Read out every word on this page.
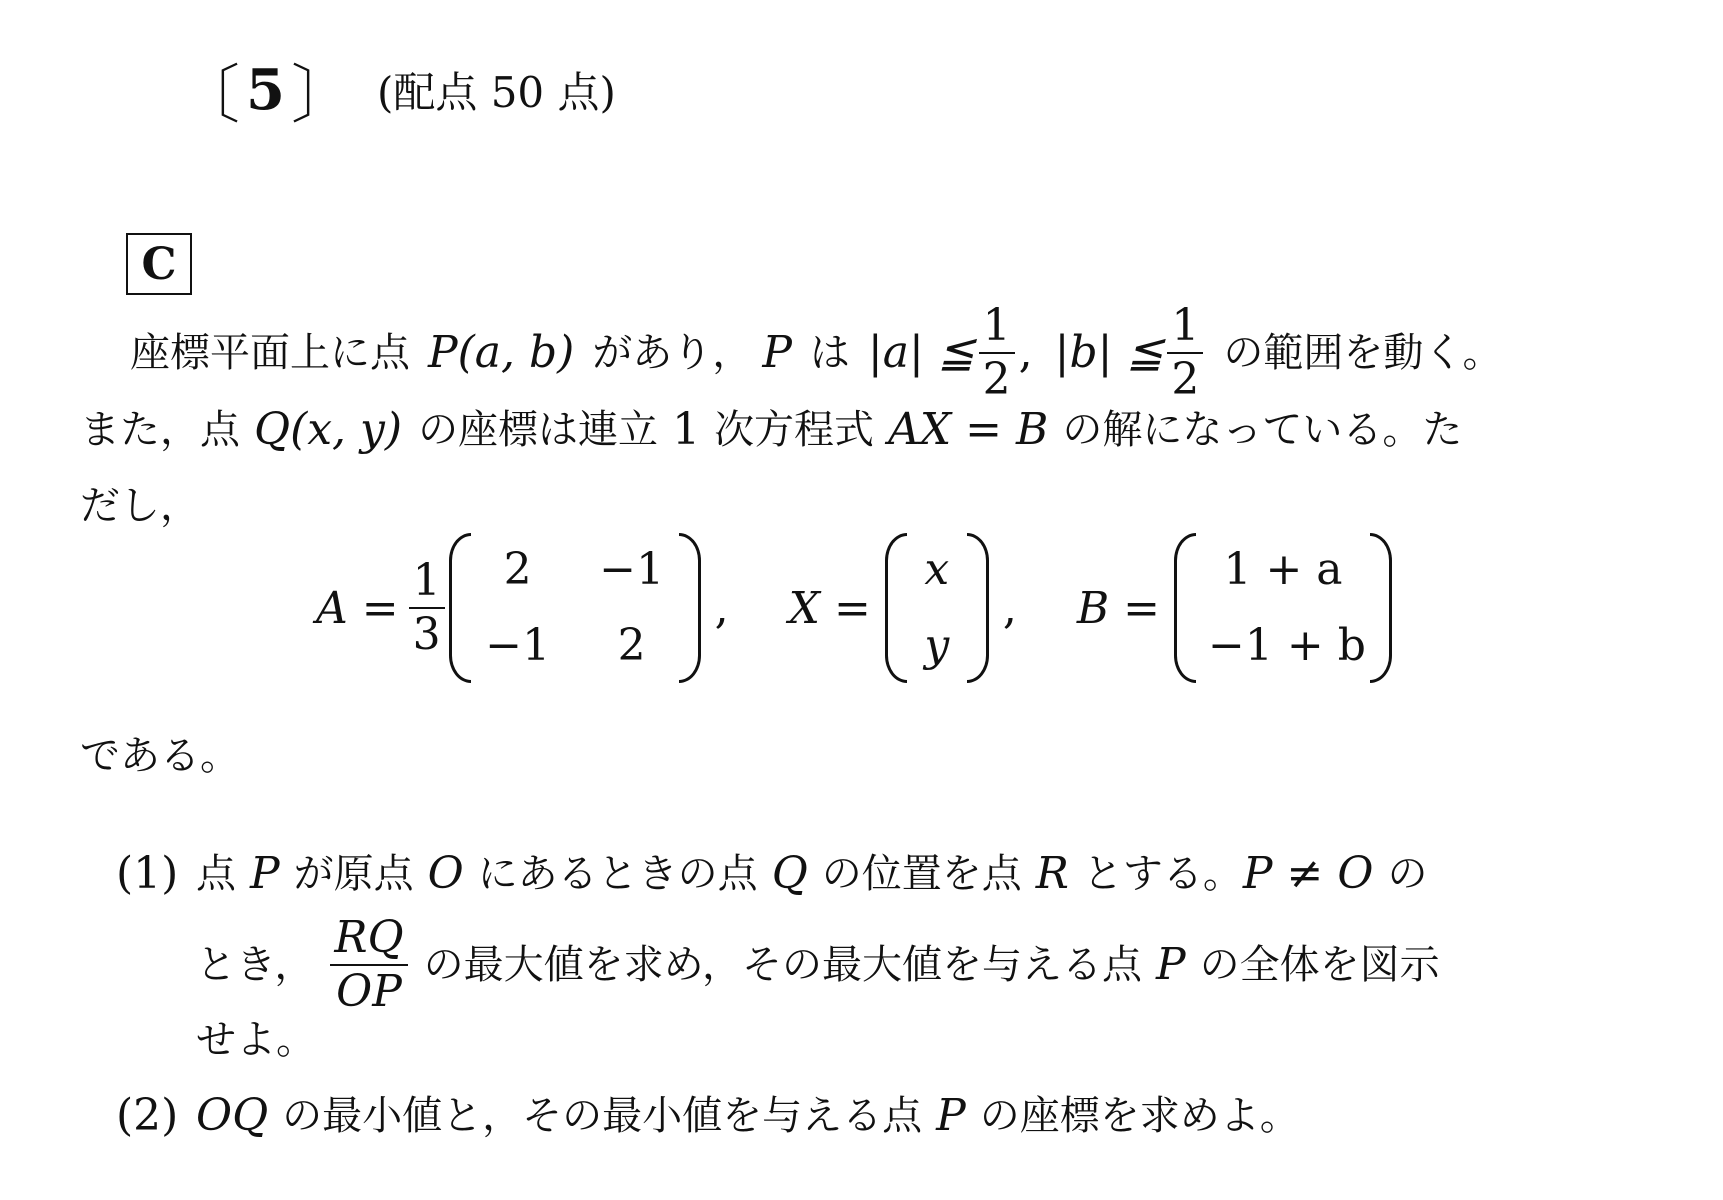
〔 5 〕 (配点 50 点)
C
座標平面上に点 P (a, b) があり， P は |a| ≦ $\frac{1}{2}$ , |b| ≦ $\frac{1}{2}$ の範囲を動く。
また，点 Q (x, y) の座標は連立 1 次方程式 AX = B の解になっている。た
だし，
$A = \frac{1}{3}$	2	−1
−1	2
, X =
x
y
, B =
1 + a
−1 + b
である。
(1) 点 P が原点 O にあるときの点 Q の位置を点 R とする。 P ≠ O の
とき， $\frac{RQ}{OP}$ の最大値を求め，その最大値を与える点 P の全体を図示
せよ。
(2) OQ の最小値と，その最小値を与える点 P の座標を求めよ。
